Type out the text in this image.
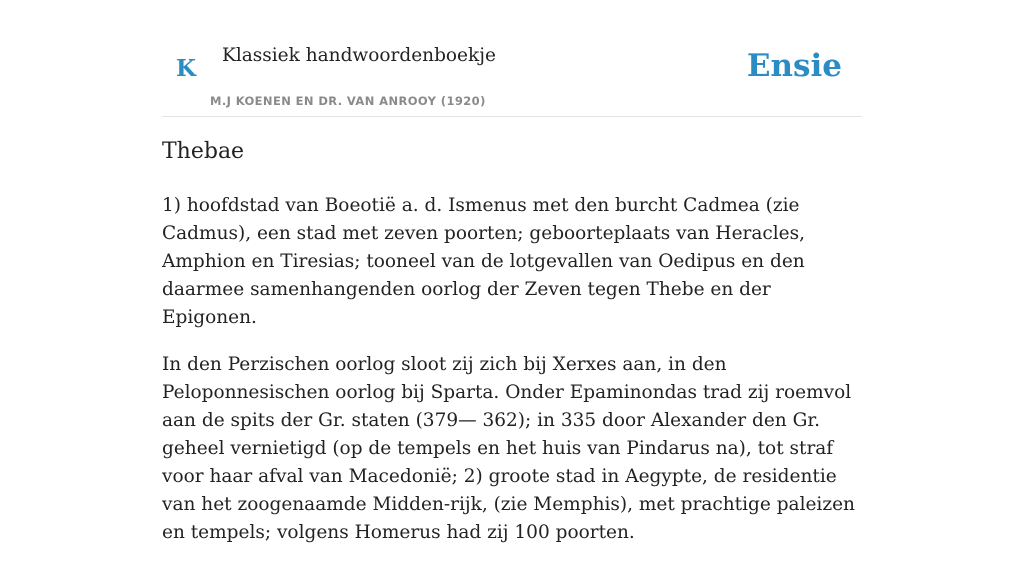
K Klassiek handwoordenboekje
M.J KOENEN EN DR. VAN ANROOY (1920)
Ensie
Thebae

1) hoofdstad van Boeotië a. d. Ismenus met den burcht Cadmea (zie Cadmus), een stad met zeven poorten; geboorteplaats van Heracles, Amphion en Tiresias; tooneel van de lotgevallen van Oedipus en den daarmee samenhangenden oorlog der Zeven tegen Thebe en der Epigonen.

In den Perzischen oorlog sloot zij zich bij Xerxes aan, in den Peloponnesischen oorlog bij Sparta. Onder Epaminondas trad zij roemvol aan de spits der Gr. staten (379— 362); in 335 door Alexander den Gr. geheel vernietigd (op de tempels en het huis van Pindarus na), tot straf voor haar afval van Macedonië; 2) groote stad in Aegypte, de residentie van het zoogenaamde Midden-rijk, (zie Memphis), met prachtige paleizen en tempels; volgens Homerus had zij 100 poorten.
